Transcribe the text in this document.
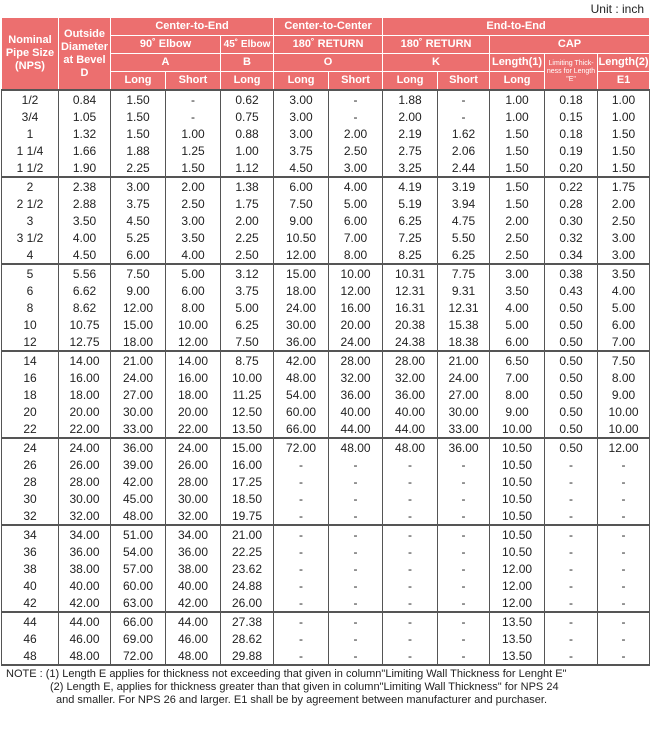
Unit : inch
Nominal Pipe Size (NPS)	Outside Diameter at Bevel D	Center-to-End			Center-to-Center		End-to-End				
		90˚ Elbow		45˚ Elbow	180˚ RETURN		180˚ RETURN		CAP		
		A		B	O		K		Length(1)	Limiting Thick-ness for Length "E"	Length(2)
		Long	Short	Long	Long	Short	Long	Short	Long		E1
1/2	0.84	1.50	-	0.62	3.00	-	1.88	-	1.00	0.18	1.00
3/4	1.05	1.50	-	0.75	3.00	-	2.00	-	1.00	0.15	1.00
1	1.32	1.50	1.00	0.88	3.00	2.00	2.19	1.62	1.50	0.18	1.50
1 1/4	1.66	1.88	1.25	1.00	3.75	2.50	2.75	2.06	1.50	0.19	1.50
1 1/2	1.90	2.25	1.50	1.12	4.50	3.00	3.25	2.44	1.50	0.20	1.50
2	2.38	3.00	2.00	1.38	6.00	4.00	4.19	3.19	1.50	0.22	1.75
2 1/2	2.88	3.75	2.50	1.75	7.50	5.00	5.19	3.94	1.50	0.28	2.00
3	3.50	4.50	3.00	2.00	9.00	6.00	6.25	4.75	2.00	0.30	2.50
3 1/2	4.00	5.25	3.50	2.25	10.50	7.00	7.25	5.50	2.50	0.32	3.00
4	4.50	6.00	4.00	2.50	12.00	8.00	8.25	6.25	2.50	0.34	3.00
5	5.56	7.50	5.00	3.12	15.00	10.00	10.31	7.75	3.00	0.38	3.50
6	6.62	9.00	6.00	3.75	18.00	12.00	12.31	9.31	3.50	0.43	4.00
8	8.62	12.00	8.00	5.00	24.00	16.00	16.31	12.31	4.00	0.50	5.00
10	10.75	15.00	10.00	6.25	30.00	20.00	20.38	15.38	5.00	0.50	6.00
12	12.75	18.00	12.00	7.50	36.00	24.00	24.38	18.38	6.00	0.50	7.00
14	14.00	21.00	14.00	8.75	42.00	28.00	28.00	21.00	6.50	0.50	7.50
16	16.00	24.00	16.00	10.00	48.00	32.00	32.00	24.00	7.00	0.50	8.00
18	18.00	27.00	18.00	11.25	54.00	36.00	36.00	27.00	8.00	0.50	9.00
20	20.00	30.00	20.00	12.50	60.00	40.00	40.00	30.00	9.00	0.50	10.00
22	22.00	33.00	22.00	13.50	66.00	44.00	44.00	33.00	10.00	0.50	10.00
24	24.00	36.00	24.00	15.00	72.00	48.00	48.00	36.00	10.50	0.50	12.00
26	26.00	39.00	26.00	16.00	-	-	-	-	10.50	-	-
28	28.00	42.00	28.00	17.25	-	-	-	-	10.50	-	-
30	30.00	45.00	30.00	18.50	-	-	-	-	10.50	-	-
32	32.00	48.00	32.00	19.75	-	-	-	-	10.50	-	-
34	34.00	51.00	34.00	21.00	-	-	-	-	10.50	-	-
36	36.00	54.00	36.00	22.25	-	-	-	-	10.50	-	-
38	38.00	57.00	38.00	23.62	-	-	-	-	12.00	-	-
40	40.00	60.00	40.00	24.88	-	-	-	-	12.00	-	-
42	42.00	63.00	42.00	26.00	-	-	-	-	12.00	-	-
44	44.00	66.00	44.00	27.38	-	-	-	-	13.50	-	-
46	46.00	69.00	46.00	28.62	-	-	-	-	13.50	-	-
48	48.00	72.00	48.00	29.88	-	-	-	-	13.50	-	-
NOTE : (1) Length E applies for thickness not exceeding that given in column"Limiting Wall Thickness for Lenght E"
(2) Length E, applies for thickness greater than that given in column"Limiting Wall Thickness" for NPS 24
and smaller. For NPS 26 and larger. E1 shall be by agreement between manufacturer and purchaser.
